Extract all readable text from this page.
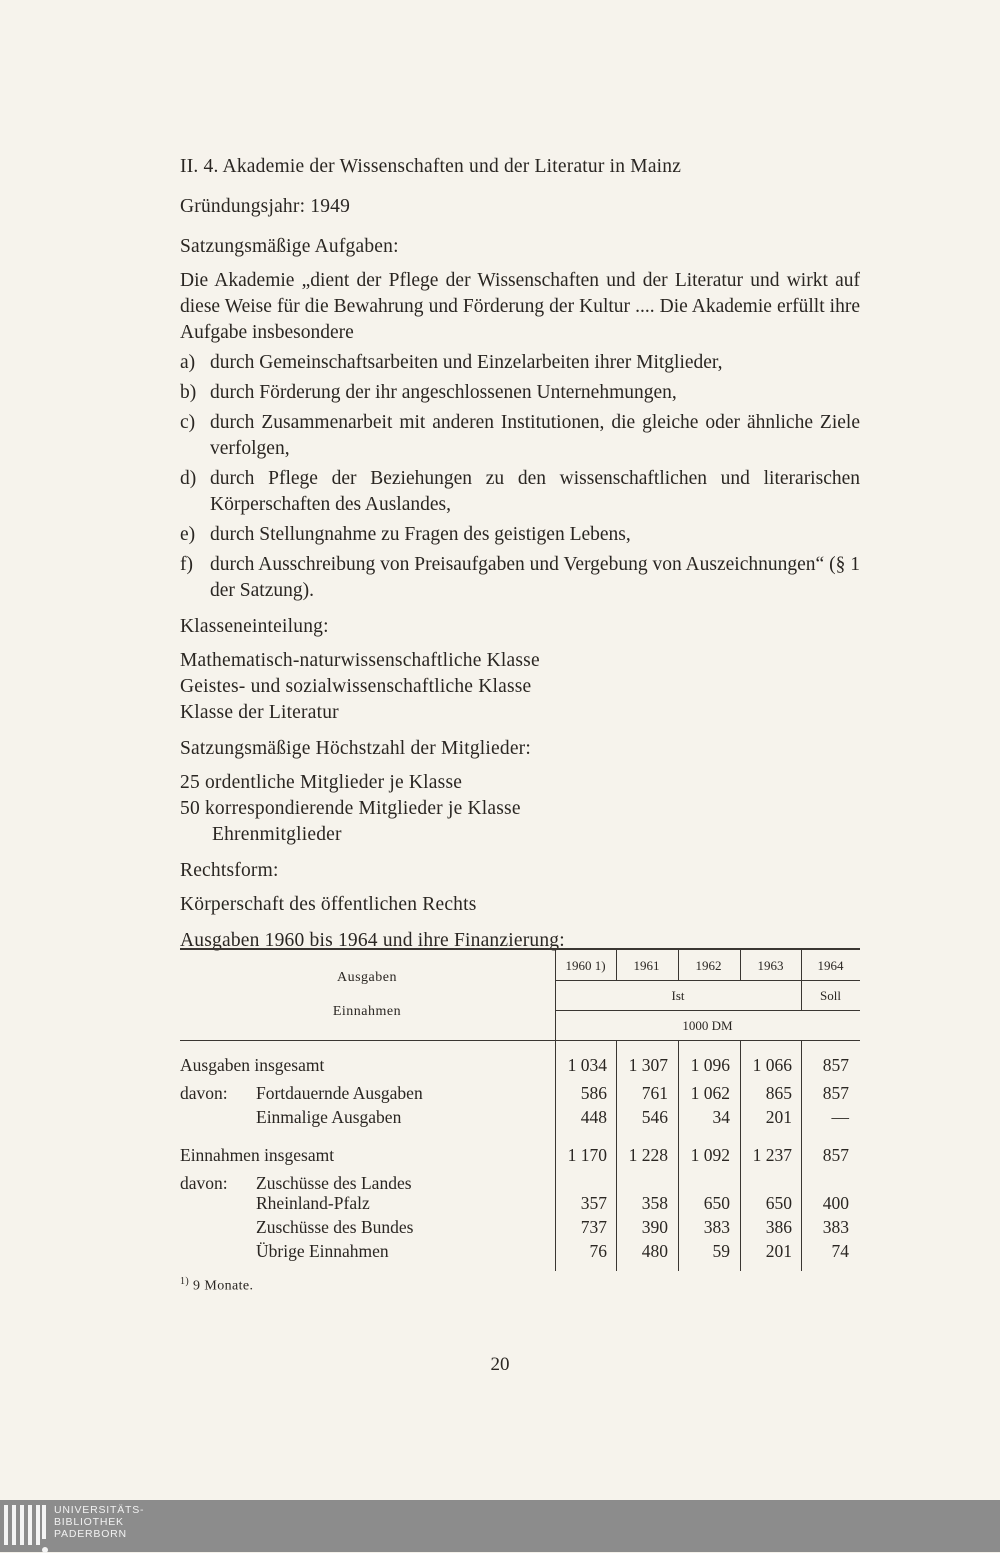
II. 4. Akademie der Wissenschaften und der Literatur in Mainz
Gründungsjahr: 1949
Satzungsmäßige Aufgaben:
Die Akademie „dient der Pflege der Wissenschaften und der Literatur und wirkt auf diese Weise für die Bewahrung und Förderung der Kultur .... Die Akademie erfüllt ihre Aufgabe insbesondere
a) durch Gemeinschaftsarbeiten und Einzelarbeiten ihrer Mitglieder,
b) durch Förderung der ihr angeschlossenen Unternehmungen,
c) durch Zusammenarbeit mit anderen Institutionen, die gleiche oder ähnliche Ziele verfolgen,
d) durch Pflege der Beziehungen zu den wissenschaftlichen und literarischen Körperschaften des Auslandes,
e) durch Stellungnahme zu Fragen des geistigen Lebens,
f) durch Ausschreibung von Preisaufgaben und Vergebung von Auszeichnungen“ (§ 1 der Satzung).
Klasseneinteilung:
Mathematisch-naturwissenschaftliche Klasse
Geistes- und sozialwissenschaftliche Klasse
Klasse der Literatur
Satzungsmäßige Höchstzahl der Mitglieder:
25 ordentliche Mitglieder je Klasse
50 korrespondierende Mitglieder je Klasse
Ehrenmitglieder
Rechtsform:
Körperschaft des öffentlichen Rechts
Ausgaben 1960 bis 1964 und ihre Finanzierung:
Ausgaben
Einnahmen
1960 1)	1961	1962	1963	1964
Ist	Soll
1000 DM
Ausgaben insgesamt	1 034	1 307	1 096	1 066	857
davon: Fortdauernde Ausgaben	586	761	1 062	865	857
Einmalige Ausgaben	448	546	34	201	—
Einnahmen insgesamt	1 170	1 228	1 092	1 237	857
davon: Zuschüsse des Landes
Rheinland-Pfalz	357	358	650	650	400
Zuschüsse des Bundes	737	390	383	386	383
Übrige Einnahmen	76	480	59	201	74
$^{1)}$ 9 Monate.
20
UNIVERSITÄTS-
BIBLIOTHEK
PADERBORN
